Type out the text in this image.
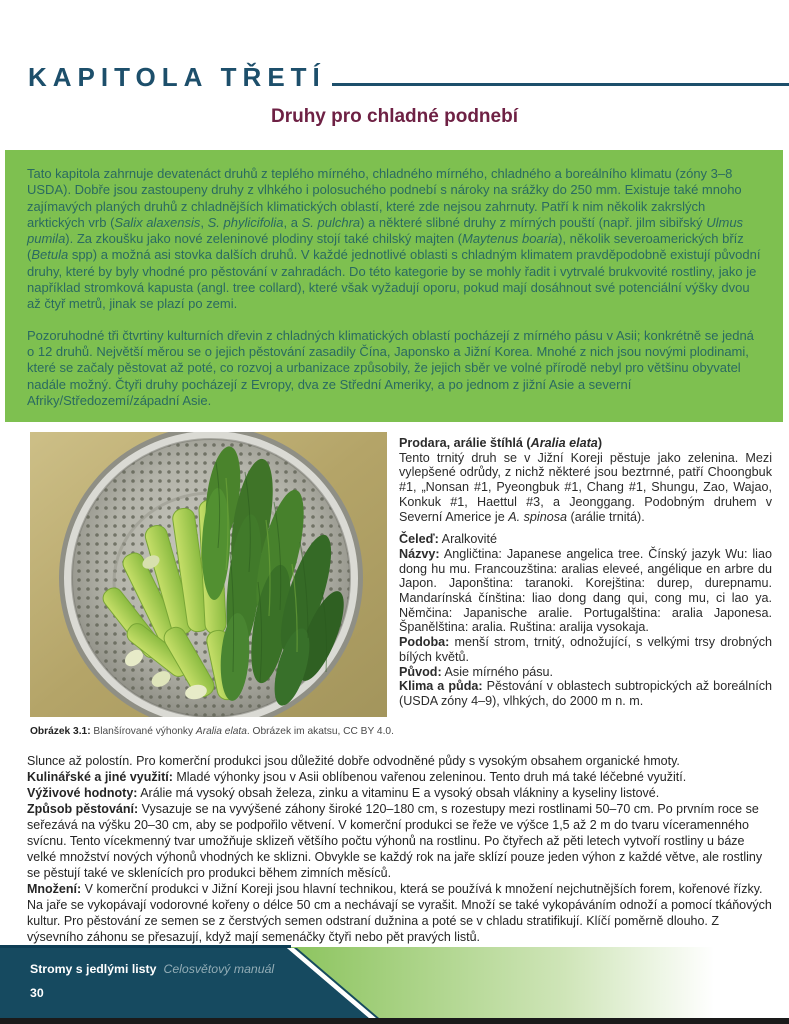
KAPITOLA TŘETÍ
Druhy pro chladné podnebí

Tato kapitola zahrnuje devatenáct druhů z teplého mírného, chladného mírného, chladného a boreálního klimatu (zóny 3–8 USDA). Dobře jsou zastoupeny druhy z vlhkého i polosuchého podnebí s nároky na srážky do 250 mm. Existuje také mnoho zajímavých planých druhů z chladnějších klimatických oblastí, které zde nejsou zahrnuty. Patří k nim několik zakrslých arktických vrb (Salix alaxensis, S. phylicifolia, a S. pulchra) a některé slibné druhy z mírných pouští (např. jilm sibiřský Ulmus pumila). Za zkoušku jako nové zeleninové plodiny stojí také chilský majten (Maytenus boaria), několik severoamerických bříz (Betula spp) a možná asi stovka dalších druhů. V každé jednotlivé oblasti s chladným klimatem pravděpodobně existují původní druhy, které by byly vhodné pro pěstování v zahradách. Do této kategorie by se mohly řadit i vytrvalé brukvovité rostliny, jako je například stromková kapusta (angl. tree collard), které však vyžadují oporu, pokud mají dosáhnout své potenciální výšky dvou až čtyř metrů, jinak se plazí po zemi.

Pozoruhodné tři čtvrtiny kulturních dřevin z chladných klimatických oblastí pocházejí z mírného pásu v Asii; konkrétně se jedná o 12 druhů. Největší měrou se o jejich pěstování zasadily Čína, Japonsko a Jižní Korea. Mnohé z nich jsou novými plodinami, které se začaly pěstovat až poté, co rozvoj a urbanizace způsobily, že jejich sběr ve volné přírodě nebyl pro většinu obyvatel nadále možný. Čtyři druhy pocházejí z Evropy, dva ze Střední Ameriky, a po jednom z jižní Asie a severní Afriky/Středozemí/západní Asie.

Obrázek 3.1: Blanšírované výhonky Aralia elata. Obrázek im akatsu, CC BY 4.0.
Prodara, arálie štíhlá (Aralia elata)
Tento trnitý druh se v Jižní Koreji pěstuje jako zelenina. Mezi vylepšené odrůdy, z nichž některé jsou beztrnné, patří Choongbuk #1, „Nonsan #1, Pyeongbuk #1, Chang #1, Shungu, Zao, Wajao, Konkuk #1, Haettul #3, a Jeonggang. Podobným druhem v Severní Americe je A. spinosa (arálie trnitá).
Čeleď: Aralkovité
Názvy: Angličtina: Japanese angelica tree. Čínský jazyk Wu: liao dong hu mu. Francouzština: aralias eleveé, angélique en arbre du Japon. Japonština: taranoki. Korejština: durep, durepnamu. Mandarínská čínština: liao dong dang qui, cong mu, ci lao ya. Němčina: Japanische aralie. Portugalština: aralia Japonesa. Španělština: aralia. Ruština: aralija vysokaja.
Podoba: menší strom, trnitý, odnožující, s velkými trsy drobných bílých květů.
Původ: Asie mírného pásu.
Klima a půda: Pěstování v oblastech subtropických až boreálních (USDA zóny 4–9), vlhkých, do 2000 m n. m.
Slunce až polostín. Pro komerční produkci jsou důležité dobře odvodněné půdy s vysokým obsahem organické hmoty.
Kulinářské a jiné využití: Mladé výhonky jsou v Asii oblíbenou vařenou zeleninou. Tento druh má také léčebné využití.
Výživové hodnoty: Arálie má vysoký obsah železa, zinku a vitaminu E a vysoký obsah vlákniny a kyseliny listové.
Způsob pěstování: Vysazuje se na vyvýšené záhony široké 120–180 cm, s rozestupy mezi rostlinami 50–70 cm. Po prvním roce se seřezává na výšku 20–30 cm, aby se podpořilo větvení. V komerční produkci se řeže ve výšce 1,5 až 2 m do tvaru víceramenného svícnu. Tento vícekmenný tvar umožňuje sklizeň většího počtu výhonů na rostlinu. Po čtyřech až pěti letech vytvoří rostliny u báze velké množství nových výhonů vhodných ke sklizni. Obvykle se každý rok na jaře sklízí pouze jeden výhon z každé větve, ale rostliny se pěstují také ve sklenících pro produkci během zimních měsíců.
Množení: V komerční produkci v Jižní Koreji jsou hlavní technikou, která se používá k množení nejchutnějších forem, kořenové řízky. Na jaře se vykopávají vodorovné kořeny o délce 50 cm a nechávají se vyrašit. Množí se také vykopáváním odnoží a pomocí tkáňových kultur. Pro pěstování ze semen se z čerstvých semen odstraní dužnina a poté se v chladu stratifikují. Klíčí poměrně dlouho. Z výsevního záhonu se přesazují, když mají semenáčky čtyři nebo pět pravých listů.
Stromy s jedlými listy Celosvětový manuál
30
